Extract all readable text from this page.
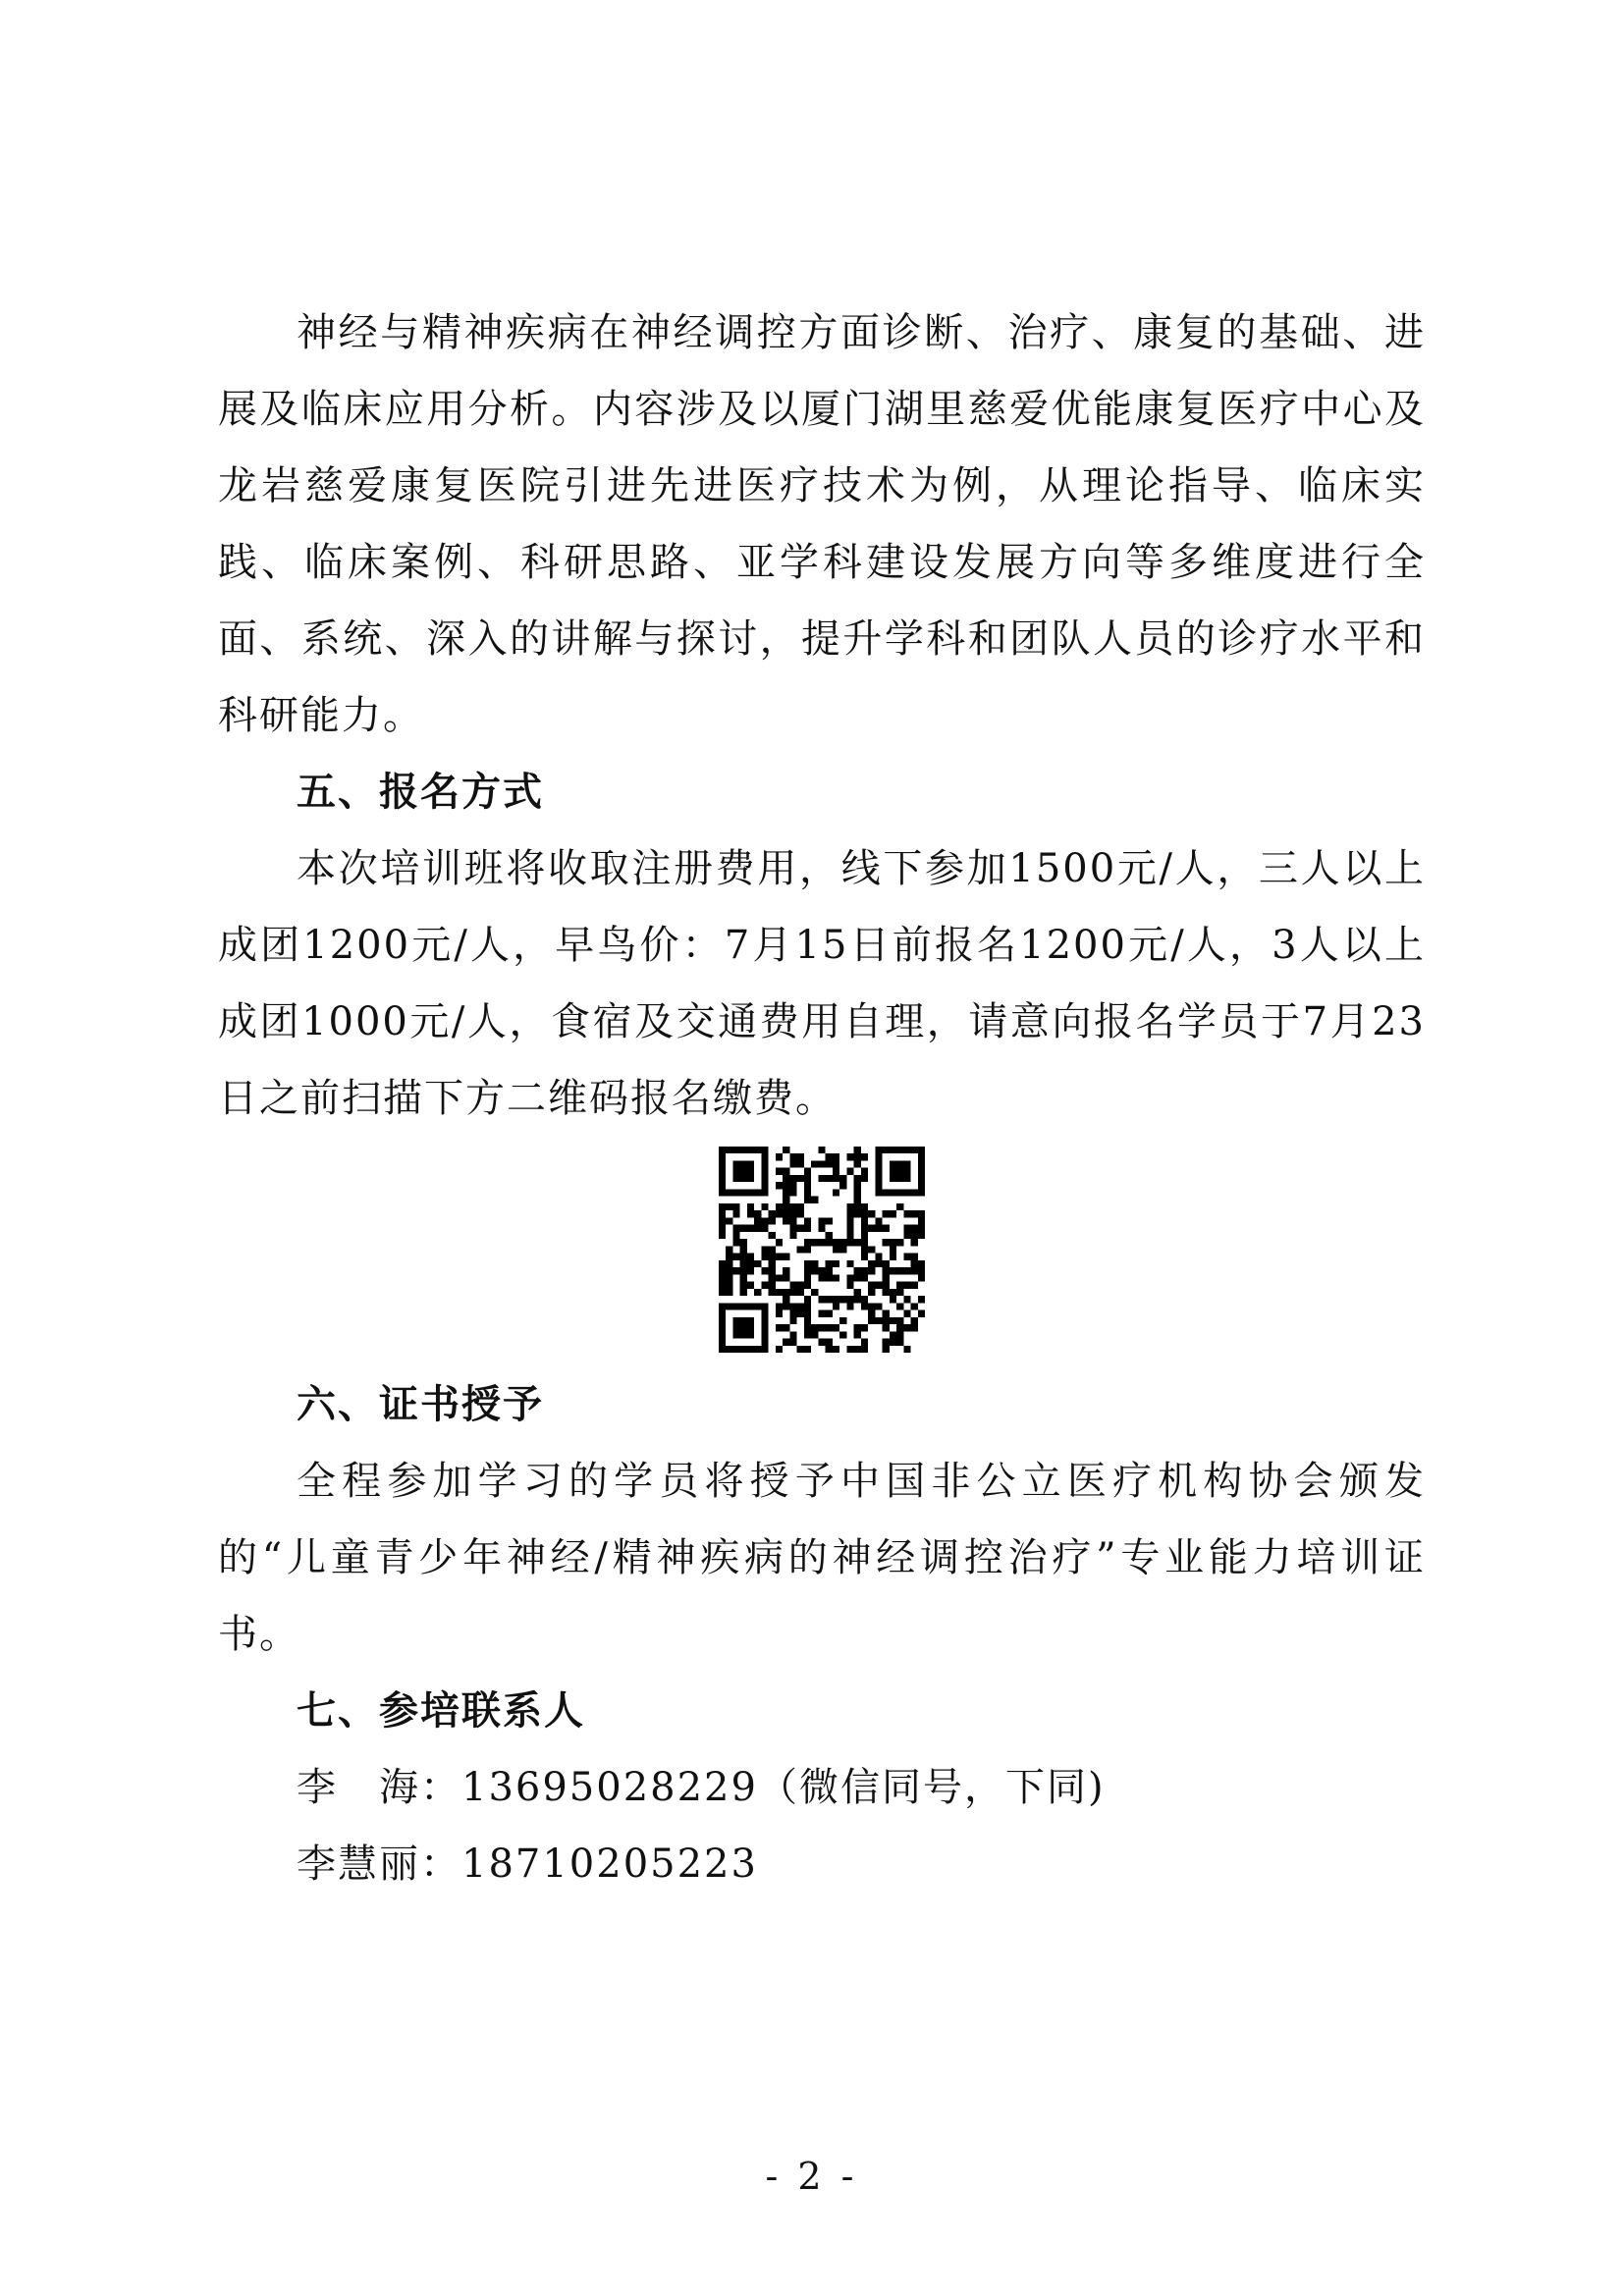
神经与精神疾病在神经调控方面诊断、治疗、康复的基础、进展及临床应用分析。内容涉及以厦门湖里慈爱优能康复医疗中心及龙岩慈爱康复医院引进先进医疗技术为例，从理论指导、临床实践、临床案例、科研思路、亚学科建设发展方向等多维度进行全面、系统、深入的讲解与探讨，提升学科和团队人员的诊疗水平和科研能力。

五、报名方式

本次培训班将收取注册费用，线下参加1500元/人，三人以上成团1200元/人，早鸟价：7月15日前报名1200元/人，3人以上成团1000元/人，食宿及交通费用自理，请意向报名学员于7月23日之前扫描下方二维码报名缴费。

六、证书授予

全程参加学习的学员将授予中国非公立医疗机构协会颁发的“儿童青少年神经/精神疾病的神经调控治疗”专业能力培训证书。

七、参培联系人

李　海：13695028229（微信同号，下同)

李慧丽：18710205223

- 2 -
